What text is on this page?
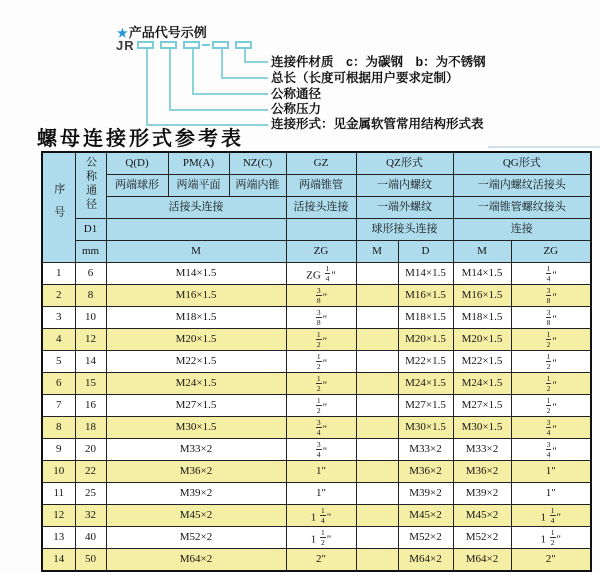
★产品代号示例
JR
连接件材质　c：为碳钢　b：为不锈钢
总长（长度可根据用户要求定制）
公称通径
公称压力
连接形式：见金属软管常用结构形式表
螺母连接形式参考表
序号	公称通径	Q(D)	PM(A)	NZ(C)	GZ	QZ形式		QG形式	
		两端球形	两端平面	两端内锥	两端锥管	一端内螺纹		一端内螺纹活接头	
		活接头连接			活接头连接	一端外螺纹		一端锥管螺纹接头	
	D1					球形接头连接		连接	
	mm	M			ZG	M	D	M	ZG
1	6	M14×1.5			ZG $\frac{1}{4}$ "		M14×1.5	M14×1.5	$\frac{1}{4}$ "
2	8	M16×1.5			$\frac{3}{8}$ "		M16×1.5	M16×1.5	$\frac{3}{8}$ "
3	10	M18×1.5			$\frac{3}{8}$ "		M18×1.5	M18×1.5	$\frac{3}{8}$ "
4	12	M20×1.5			$\frac{1}{2}$ "		M20×1.5	M20×1.5	$\frac{1}{2}$ "
5	14	M22×1.5			$\frac{1}{2}$ "		M22×1.5	M22×1.5	$\frac{1}{2}$ "
6	15	M24×1.5			$\frac{1}{2}$ "		M24×1.5	M24×1.5	$\frac{1}{2}$ "
7	16	M27×1.5			$\frac{1}{2}$ "		M27×1.5	M27×1.5	$\frac{1}{2}$ "
8	18	M30×1.5			$\frac{3}{4}$ "		M30×1.5	M30×1.5	$\frac{3}{4}$ "
9	20	M33×2			$\frac{3}{4}$ "		M33×2	M33×2	$\frac{3}{4}$ "
10	22	M36×2			1"		M36×2	M36×2	1"
11	25	M39×2			1"		M39×2	M39×2	1"
12	32	M45×2			$1 \frac{1}{4}$ "		M45×2	M45×2	$1 \frac{1}{4}$ "
13	40	M52×2			$1 \frac{1}{2}$ "		M52×2	M52×2	$1 \frac{1}{2}$ "
14	50	M64×2			2"		M64×2	M64×2	2"
